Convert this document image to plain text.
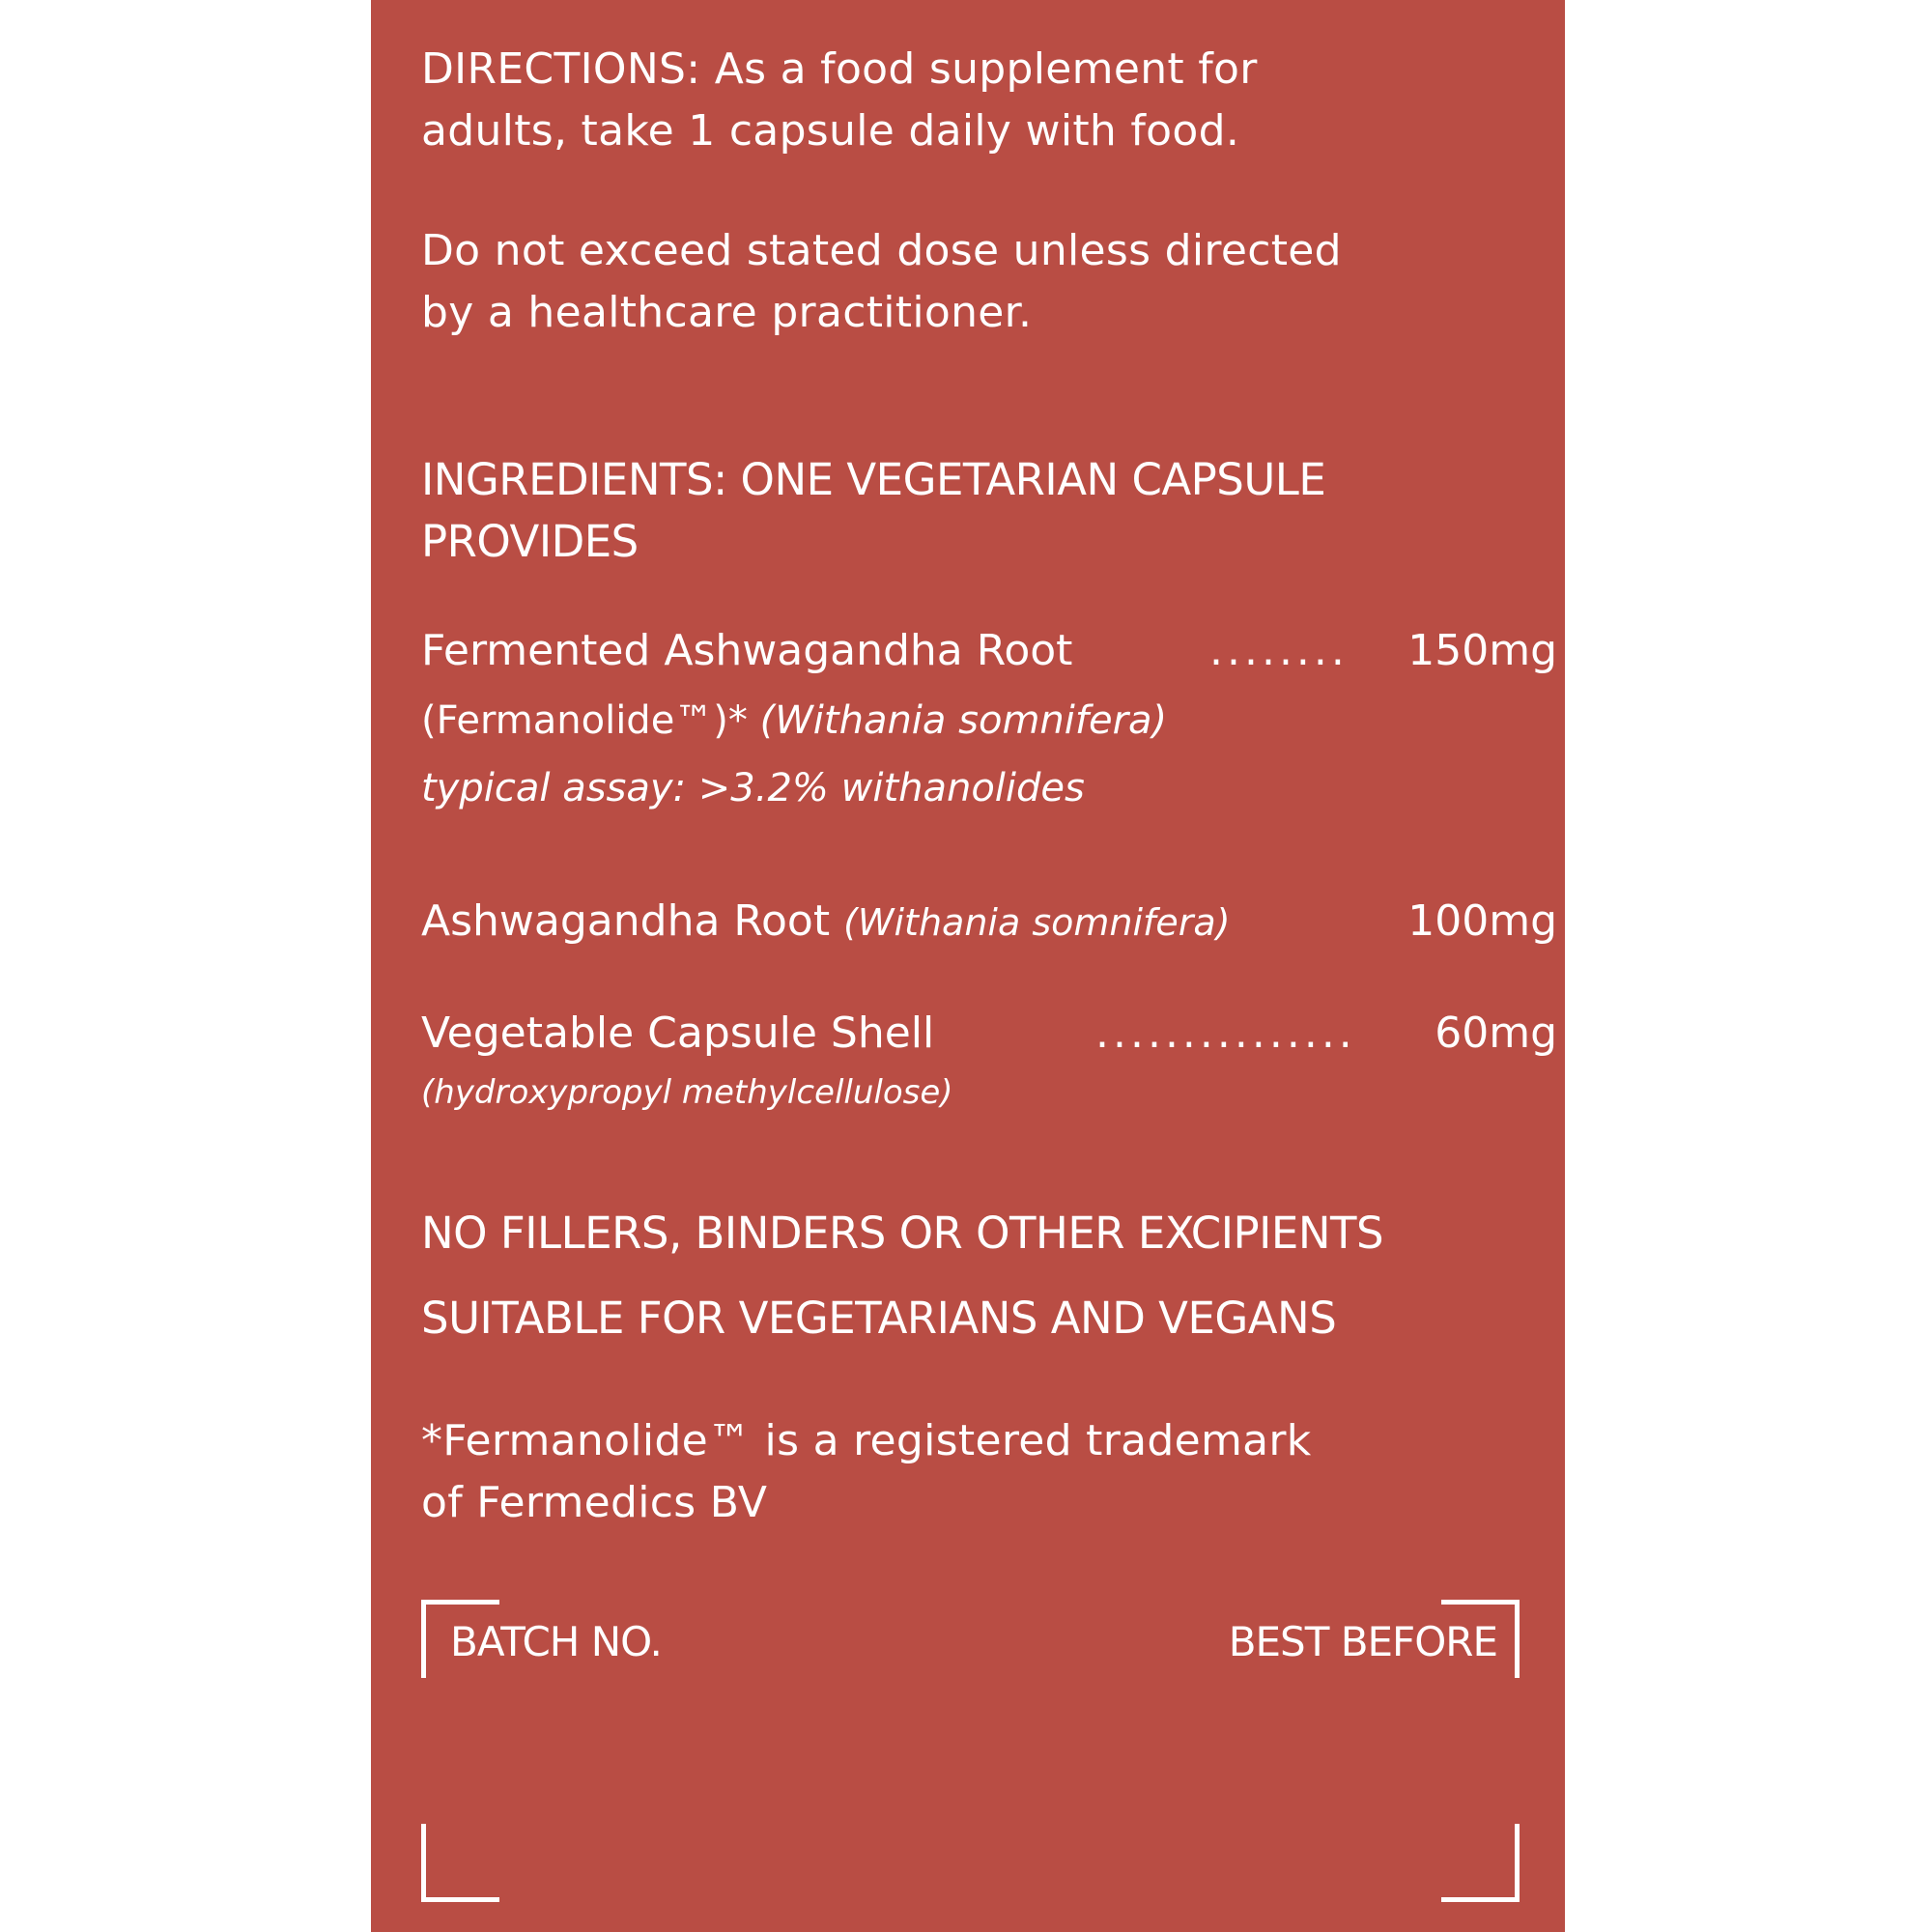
DIRECTIONS: As a food supplement for
adults, take 1 capsule daily with food.
Do not exceed stated dose unless directed
by a healthcare practitioner.
INGREDIENTS: ONE VEGETARIAN CAPSULE
PROVIDES
Fermented Ashwagandha Root	........ 150mg
(Fermanolide™)* (Withania somnifera)
typical assay: >3.2% withanolides
Ashwagandha Root (Withania somnifera)	100mg
Vegetable Capsule Shell	............... 60mg
(hydroxypropyl methylcellulose)
NO FILLERS, BINDERS OR OTHER EXCIPIENTS
SUITABLE FOR VEGETARIANS AND VEGANS
*Fermanolide™ is a registered trademark
of Fermedics BV
BATCH NO.	BEST BEFORE
